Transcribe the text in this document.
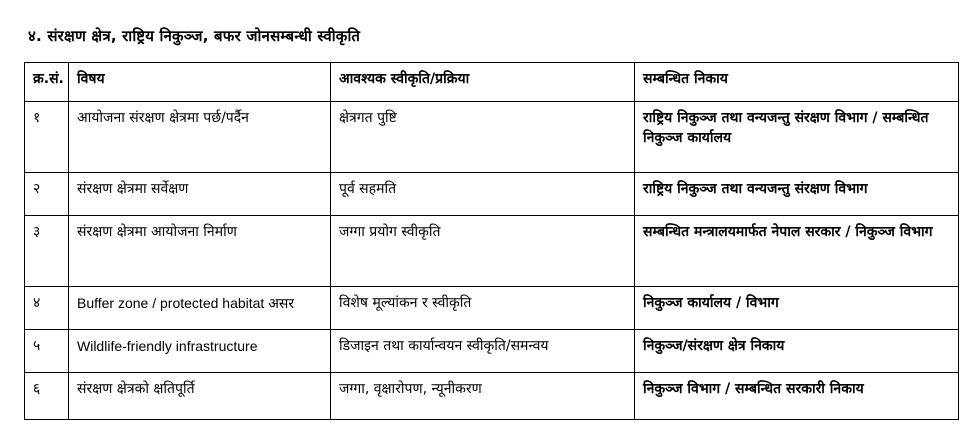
४. संरक्षण क्षेत्र, राष्ट्रिय निकुञ्ज, बफर जोनसम्बन्धी स्वीकृति
क्र.सं.	विषय	आवश्यक स्वीकृति/प्रक्रिया	सम्बन्धित निकाय
१	आयोजना संरक्षण क्षेत्रमा पर्छ/पर्दैन	क्षेत्रगत पुष्टि	राष्ट्रिय निकुञ्ज तथा वन्यजन्तु संरक्षण विभाग / सम्बन्धित निकुञ्ज कार्यालय
२	संरक्षण क्षेत्रमा सर्वेक्षण	पूर्व सहमति	राष्ट्रिय निकुञ्ज तथा वन्यजन्तु संरक्षण विभाग
३	संरक्षण क्षेत्रमा आयोजना निर्माण	जग्गा प्रयोग स्वीकृति	सम्बन्धित मन्त्रालयमार्फत नेपाल सरकार / निकुञ्ज विभाग
४	Buffer zone / protected habitat असर	विशेष मूल्यांकन र स्वीकृति	निकुञ्ज कार्यालय / विभाग
५	Wildlife-friendly infrastructure	डिजाइन तथा कार्यान्वयन स्वीकृति/समन्वय	निकुञ्ज/संरक्षण क्षेत्र निकाय
६	संरक्षण क्षेत्रको क्षतिपूर्ति	जग्गा, वृक्षारोपण, न्यूनीकरण	निकुञ्ज विभाग / सम्बन्धित सरकारी निकाय
